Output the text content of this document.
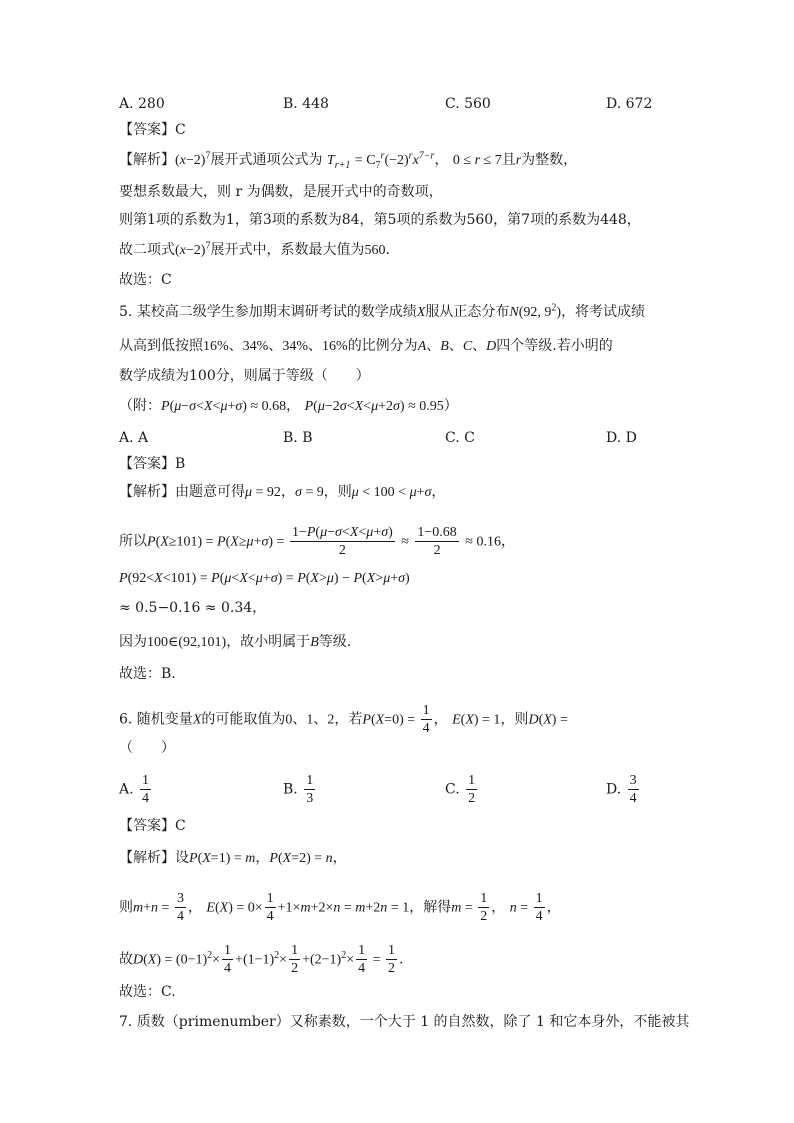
A. 280	B. 448	C. 560	D. 672
【答案】C
【解析】$(x-2)^7$展开式通项公式为 $T_{r+1} = C_7^r(-2)^rx^{7-r}$， 0 ≤ r ≤ 7且r为整数，
要想系数最大，则 r 为偶数，是展开式中的奇数项，
则第1项的系数为1，第3项的系数为84，第5项的系数为560，第7项的系数为448，
故二项式$(x-2)^7$展开式中，系数最大值为560.
故选：C
5. 某校高二级学生参加期末调研考试的数学成绩X服从正态分布N(92, $9^2$)，将考试成绩
从高到低按照16%、34%、34%、16%的比例分为A、B、C、D四个等级.若小明的
数学成绩为100分，则属于等级（　　）
（附：P(μ−σ<X<μ+σ) ≈ 0.68， P(μ−2σ<X<μ+2σ) ≈ 0.95）
A. A	B. B	C. C	D. D
【答案】B
【解析】由题意可得μ = 92，σ = 9，则μ < 100 < μ+σ，
所以$P(X\ge 101) = P(X\ge\mu+\sigma) = \frac{1-P(\mu-\sigma<X<\mu+\sigma)}{2} \approx \frac{1-0.68}{2} \approx 0.16$，
P(92<X<101) = P(μ<X<μ+σ) = P(X>μ) − P(X>μ+σ)
≈ 0.5−0.16 ≈ 0.34，
因为100∈(92,101)，故小明属于B等级.
故选：B.
6. 随机变量X的可能取值为0、1、2，若$P(X=0) = \frac{1}{4}$ ， E(X) = 1，则D(X) =
（　　）
A. $\frac{1}{4}$	B. $\frac{1}{3}$	C. $\frac{1}{2}$	D. $\frac{3}{4}$
【答案】C
【解析】设P(X=1) = m，P(X=2) = n，
则$m+n = \frac{3}{4}$ ， $E(X) = 0\times \frac{1}{4} +1\times m+2\times n = m+2n = 1$，解得$m = \frac{1}{2}$ ， $n = \frac{1}{4}$ ，
故$D(X) = (0-1)^2\times \frac{1}{4} +(1-1)^2\times \frac{1}{2} +(2-1)^2\times \frac{1}{4} = \frac{1}{2}$ .
故选：C.
7. 质数（primenumber）又称素数，一个大于 1 的自然数，除了 1 和它本身外，不能被其
